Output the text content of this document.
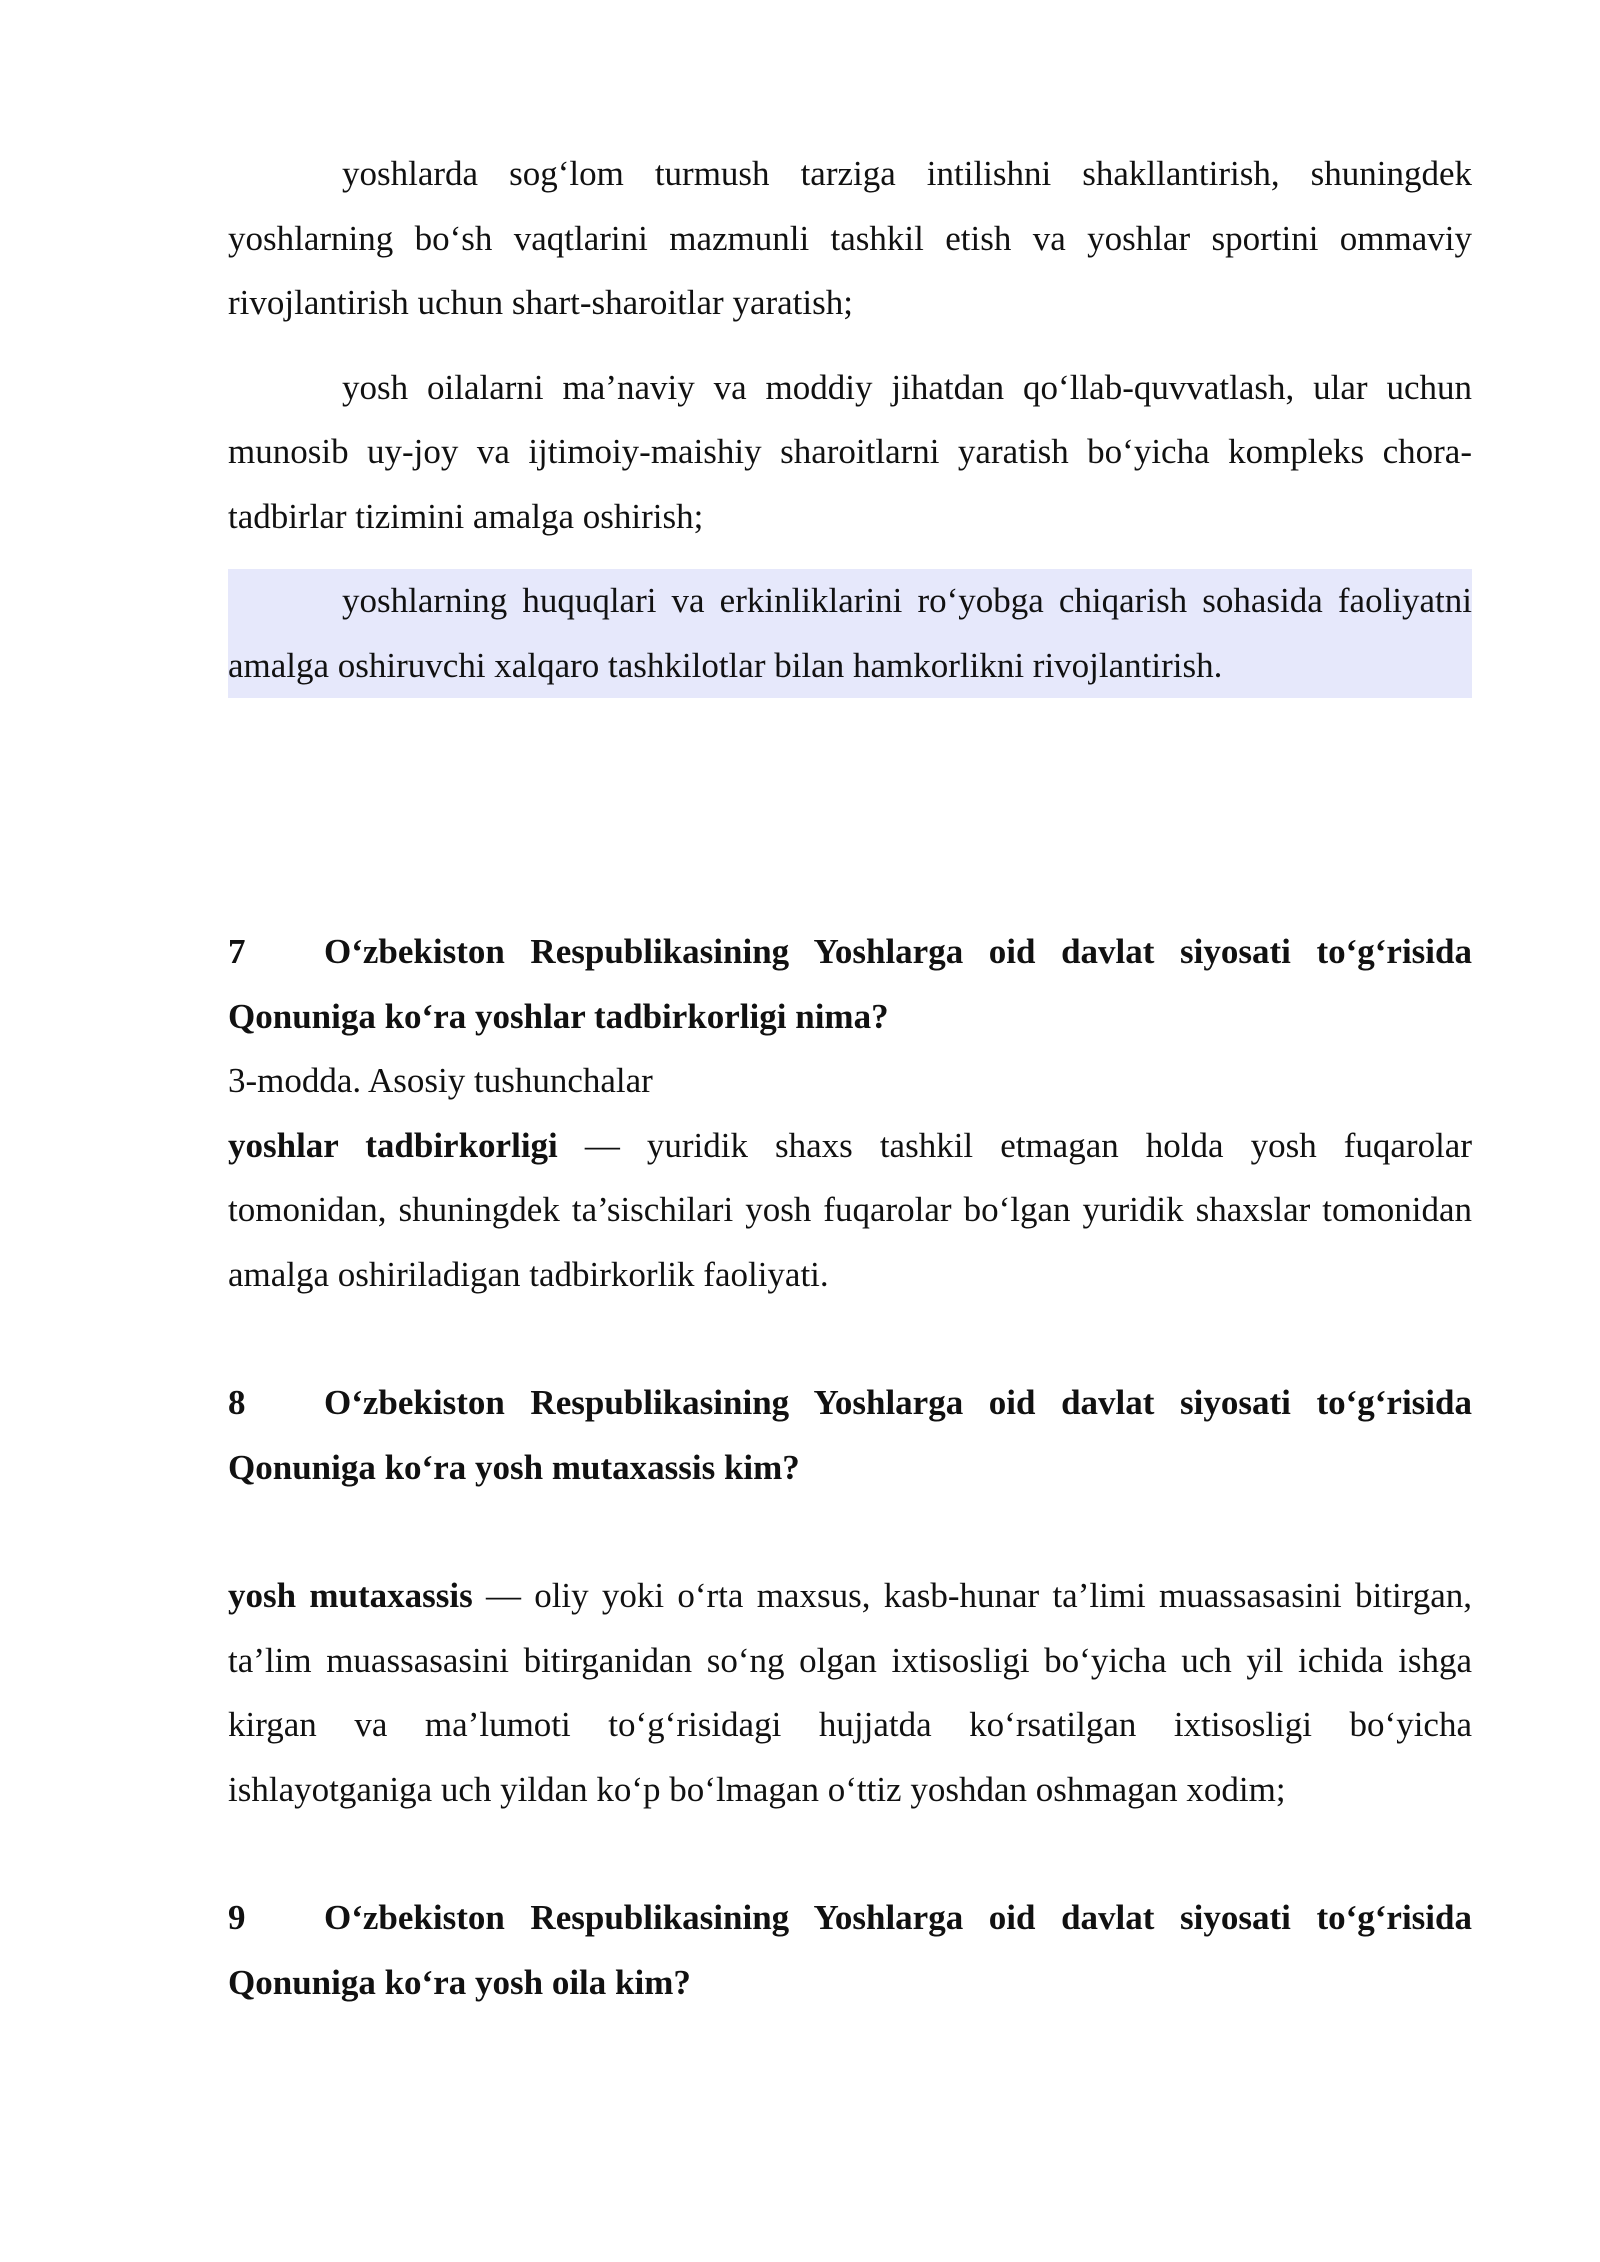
yoshlarda sog‘lom turmush tarziga intilishni shakllantirish, shuningdek yoshlarning bo‘sh vaqtlarini mazmunli tashkil etish va yoshlar sportini ommaviy rivojlantirish uchun shart-sharoitlar yaratish;

yosh oilalarni ma’naviy va moddiy jihatdan qo‘llab-quvvatlash, ular uchun munosib uy-joy va ijtimoiy-maishiy sharoitlarni yaratish bo‘yicha kompleks chora-tadbirlar tizimini amalga oshirish;

yoshlarning huquqlari va erkinliklarini ro‘yobga chiqarish sohasida faoliyatni amalga oshiruvchi xalqaro tashkilotlar bilan hamkorlikni rivojlantirish.

7 O‘zbekiston Respublikasining Yoshlarga oid davlat siyosati to‘g‘risida Qonuniga ko‘ra yoshlar tadbirkorligi nima?

3-modda. Asosiy tushunchalar

yoshlar tadbirkorligi — yuridik shaxs tashkil etmagan holda yosh fuqarolar tomonidan, shuningdek ta’sischilari yosh fuqarolar bo‘lgan yuridik shaxslar tomonidan amalga oshiriladigan tadbirkorlik faoliyati.

8 O‘zbekiston Respublikasining Yoshlarga oid davlat siyosati to‘g‘risida Qonuniga ko‘ra yosh mutaxassis kim?

yosh mutaxassis — oliy yoki o‘rta maxsus, kasb-hunar ta’limi muassasasini bitirgan, ta’lim muassasasini bitirganidan so‘ng olgan ixtisosligi bo‘yicha uch yil ichida ishga kirgan va ma’lumoti to‘g‘risidagi hujjatda ko‘rsatilgan ixtisosligi bo‘yicha ishlayotganiga uch yildan ko‘p bo‘lmagan o‘ttiz yoshdan oshmagan xodim;

9 O‘zbekiston Respublikasining Yoshlarga oid davlat siyosati to‘g‘risida Qonuniga ko‘ra yosh oila kim?
